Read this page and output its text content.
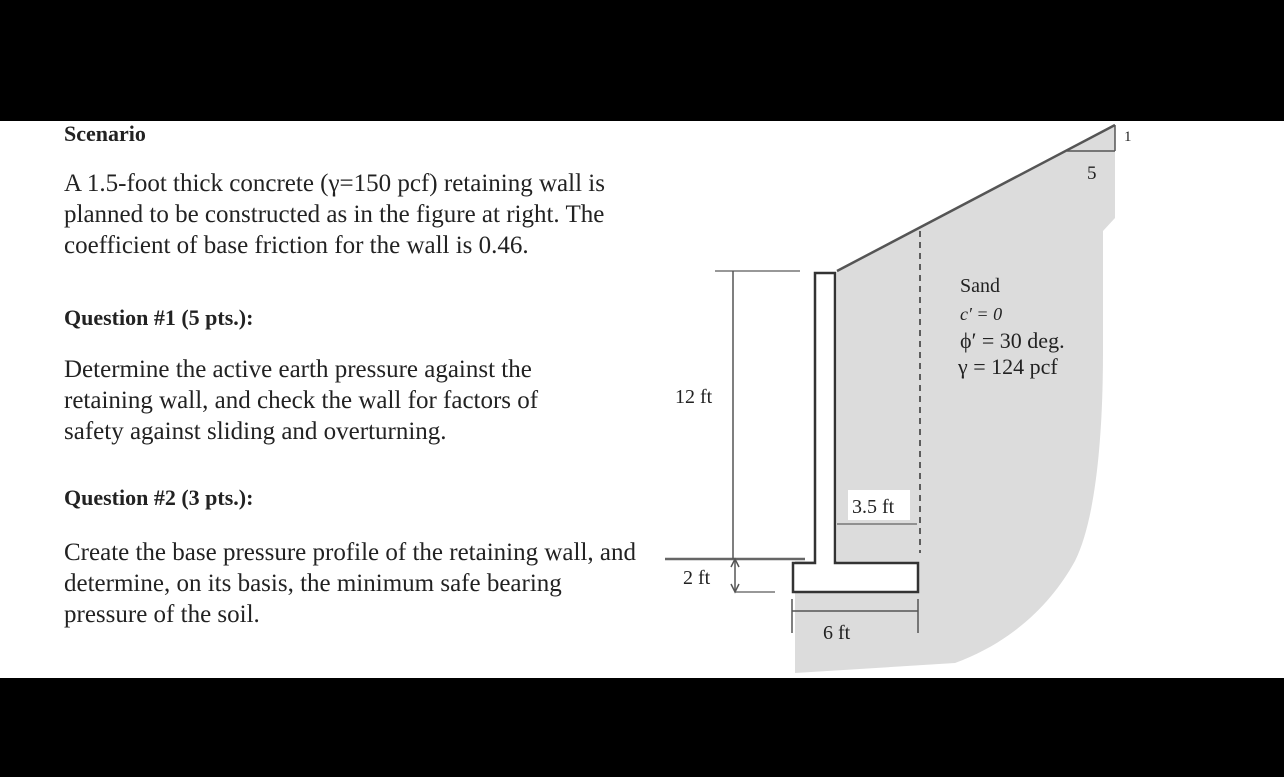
Scenario

A 1.5-foot thick concrete (γ=150 pcf) retaining wall is planned to be constructed as in the figure at right. The coefficient of base friction for the wall is 0.46.

Question #1 (5 pts.):

Determine the active earth pressure against the retaining wall, and check the wall for factors of safety against sliding and overturning.

Question #2 (3 pts.):

Create the base pressure profile of the retaining wall, and determine, on its basis, the minimum safe bearing pressure of the soil.

5
1
12 ft
3.5 ft
2 ft
6 ft
Sand
c′ = 0
ϕ′ = 30 deg.
γ = 124 pcf
